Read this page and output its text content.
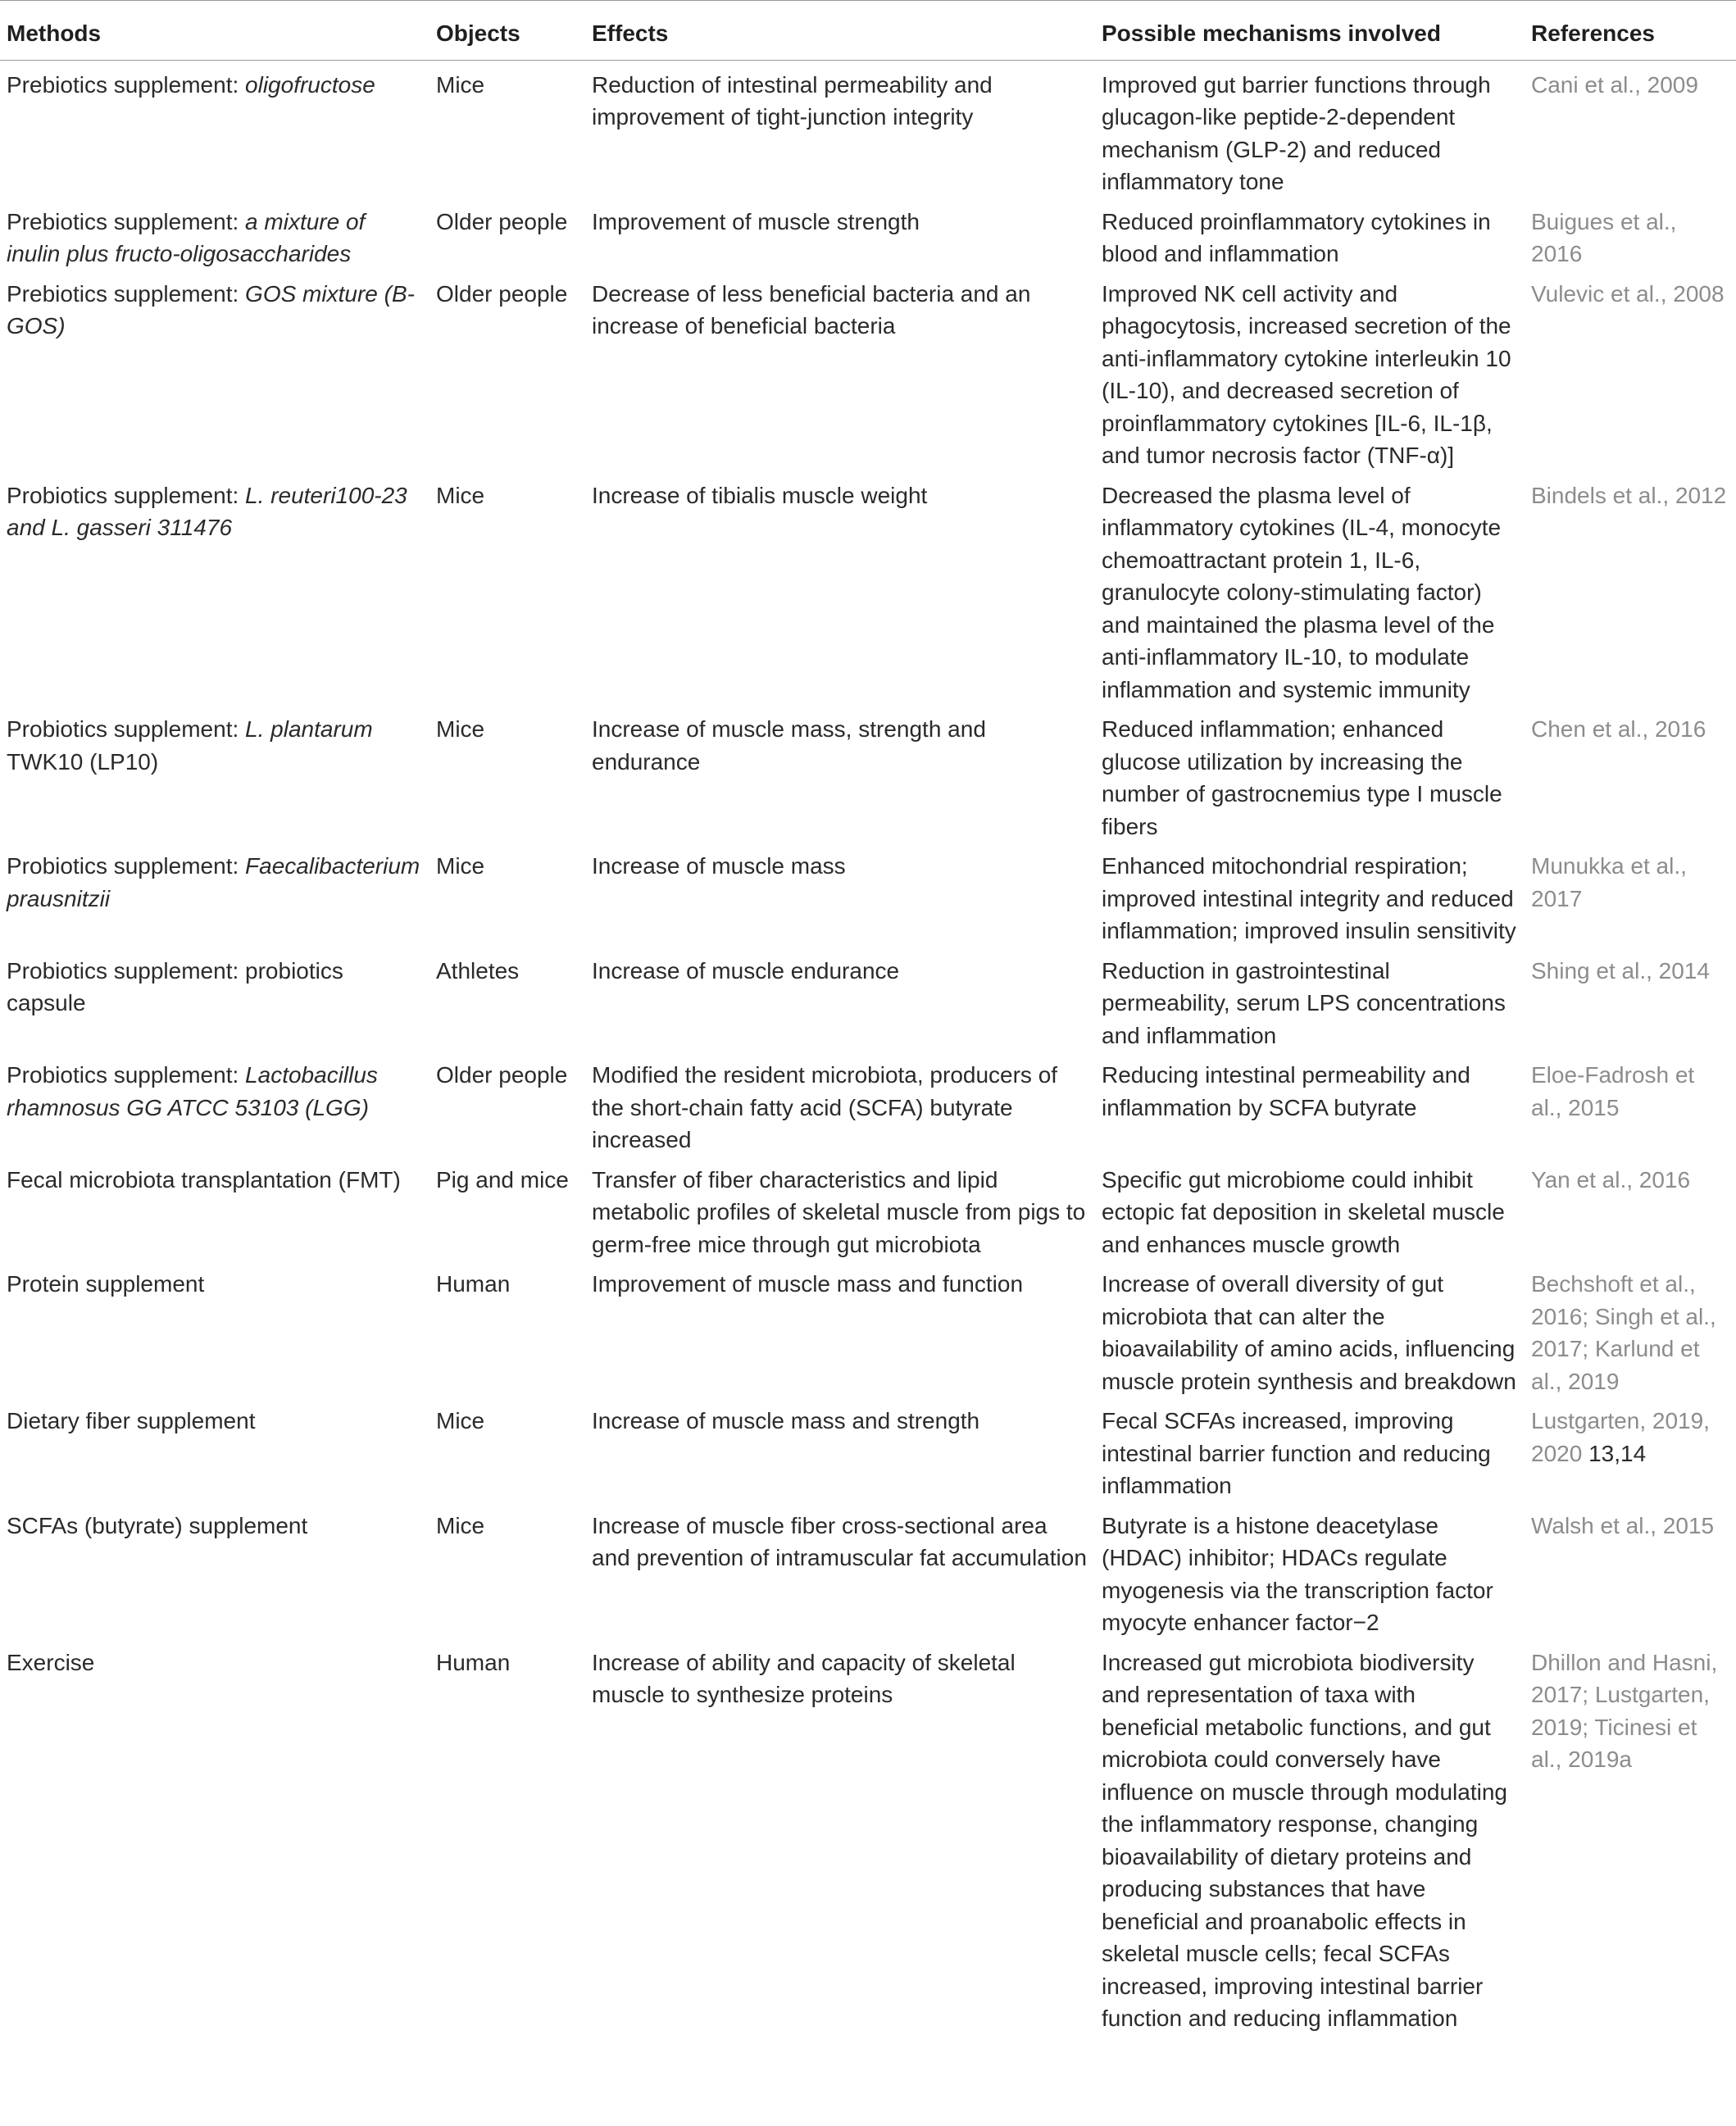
Methods	Objects	Effects	Possible mechanisms involved	References
Prebiotics supplement: oligofructose	Mice	Reduction of intestinal permeability and improvement of tight-junction integrity	Improved gut barrier functions through glucagon-like peptide-2-dependent mechanism (GLP-2) and reduced inflammatory tone	Cani et al., 2009
Prebiotics supplement: a mixture of inulin plus fructo-oligosaccharides	Older people	Improvement of muscle strength	Reduced proinflammatory cytokines in blood and inflammation	Buigues et al., 2016
Prebiotics supplement: GOS mixture (B-GOS)	Older people	Decrease of less beneficial bacteria and an increase of beneficial bacteria	Improved NK cell activity and phagocytosis, increased secretion of the anti-inflammatory cytokine interleukin 10 (IL-10), and decreased secretion of proinflammatory cytokines [IL-6, IL-1β, and tumor necrosis factor (TNF-α)]	Vulevic et al., 2008
Probiotics supplement: L. reuteri100-23 and L. gasseri 311476	Mice	Increase of tibialis muscle weight	Decreased the plasma level of inflammatory cytokines (IL-4, monocyte chemoattractant protein 1, IL-6, granulocyte colony-stimulating factor) and maintained the plasma level of the anti-inflammatory IL-10, to modulate inflammation and systemic immunity	Bindels et al., 2012
Probiotics supplement: L. plantarum TWK10 (LP10)	Mice	Increase of muscle mass, strength and endurance	Reduced inflammation; enhanced glucose utilization by increasing the number of gastrocnemius type I muscle fibers	Chen et al., 2016
Probiotics supplement: Faecalibacterium prausnitzii	Mice	Increase of muscle mass	Enhanced mitochondrial respiration; improved intestinal integrity and reduced inflammation; improved insulin sensitivity	Munukka et al., 2017
Probiotics supplement: probiotics capsule	Athletes	Increase of muscle endurance	Reduction in gastrointestinal permeability, serum LPS concentrations and inflammation	Shing et al., 2014
Probiotics supplement: Lactobacillus rhamnosus GG ATCC 53103 (LGG)	Older people	Modified the resident microbiota, producers of the short-chain fatty acid (SCFA) butyrate increased	Reducing intestinal permeability and inflammation by SCFA butyrate	Eloe-Fadrosh et al., 2015
Fecal microbiota transplantation (FMT)	Pig and mice	Transfer of fiber characteristics and lipid metabolic profiles of skeletal muscle from pigs to germ-free mice through gut microbiota	Specific gut microbiome could inhibit ectopic fat deposition in skeletal muscle and enhances muscle growth	Yan et al., 2016
Protein supplement	Human	Improvement of muscle mass and function	Increase of overall diversity of gut microbiota that can alter the bioavailability of amino acids, influencing muscle protein synthesis and breakdown	Bechshoft et al., 2016; Singh et al., 2017; Karlund et al., 2019
Dietary fiber supplement	Mice	Increase of muscle mass and strength	Fecal SCFAs increased, improving intestinal barrier function and reducing inflammation	Lustgarten, 2019, 2020 13,14
SCFAs (butyrate) supplement	Mice	Increase of muscle fiber cross-sectional area and prevention of intramuscular fat accumulation	Butyrate is a histone deacetylase (HDAC) inhibitor; HDACs regulate myogenesis via the transcription factor myocyte enhancer factor−2	Walsh et al., 2015
Exercise	Human	Increase of ability and capacity of skeletal muscle to synthesize proteins	Increased gut microbiota biodiversity and representation of taxa with beneficial metabolic functions, and gut microbiota could conversely have influence on muscle through modulating the inflammatory response, changing bioavailability of dietary proteins and producing substances that have beneficial and proanabolic effects in skeletal muscle cells; fecal SCFAs increased, improving intestinal barrier function and reducing inflammation	Dhillon and Hasni, 2017; Lustgarten, 2019; Ticinesi et al., 2019a
